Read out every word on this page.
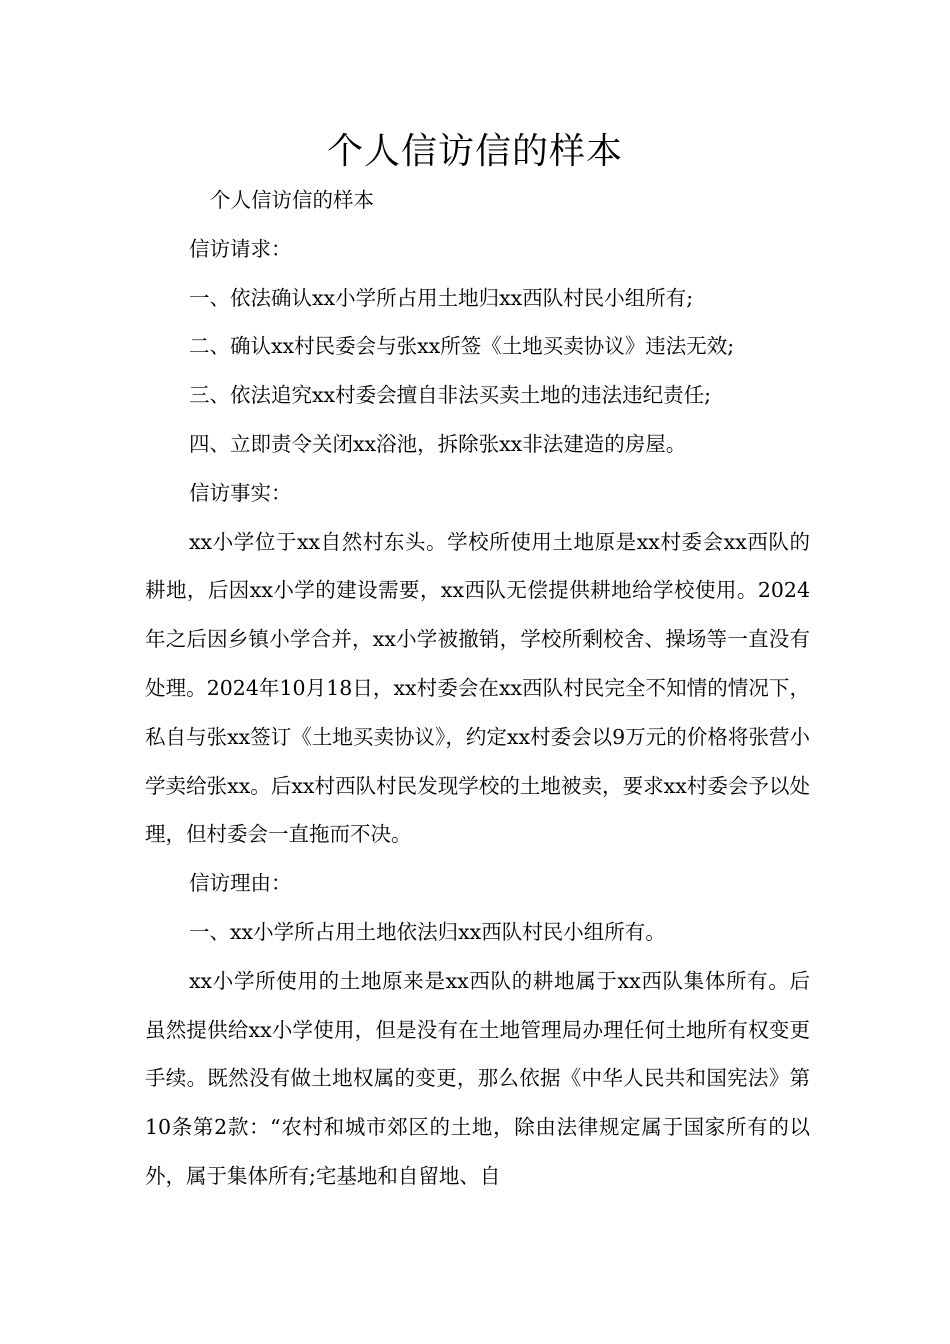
个人信访信的样本

个人信访信的样本

信访请求：

一、依法确认xx小学所占用土地归xx西队村民小组所有;

二、确认xx村民委会与张xx所签《土地买卖协议》违法无效;

三、依法追究xx村委会擅自非法买卖土地的违法违纪责任;

四、立即责令关闭xx浴池，拆除张xx非法建造的房屋。

信访事实：

xx小学位于xx自然村东头。学校所使用土地原是xx村委会xx西队的耕地，后因xx小学的建设需要，xx西队无偿提供耕地给学校使用。2024年之后因乡镇小学合并，xx小学被撤销，学校所剩校舍、操场等一直没有处理。2024年10月18日，xx村委会在xx西队村民完全不知情的情况下，私自与张xx签订《土地买卖协议》，约定xx村委会以9万元的价格将张营小学卖给张xx。后xx村西队村民发现学校的土地被卖，要求xx村委会予以处理，但村委会一直拖而不决。

信访理由：

一、xx小学所占用土地依法归xx西队村民小组所有。

xx小学所使用的土地原来是xx西队的耕地属于xx西队集体所有。后虽然提供给xx小学使用，但是没有在土地管理局办理任何土地所有权变更手续。既然没有做土地权属的变更，那么依据《中华人民共和国宪法》第10条第2款：“农村和城市郊区的土地，除由法律规定属于国家所有的以外，属于集体所有;宅基地和自留地、自
